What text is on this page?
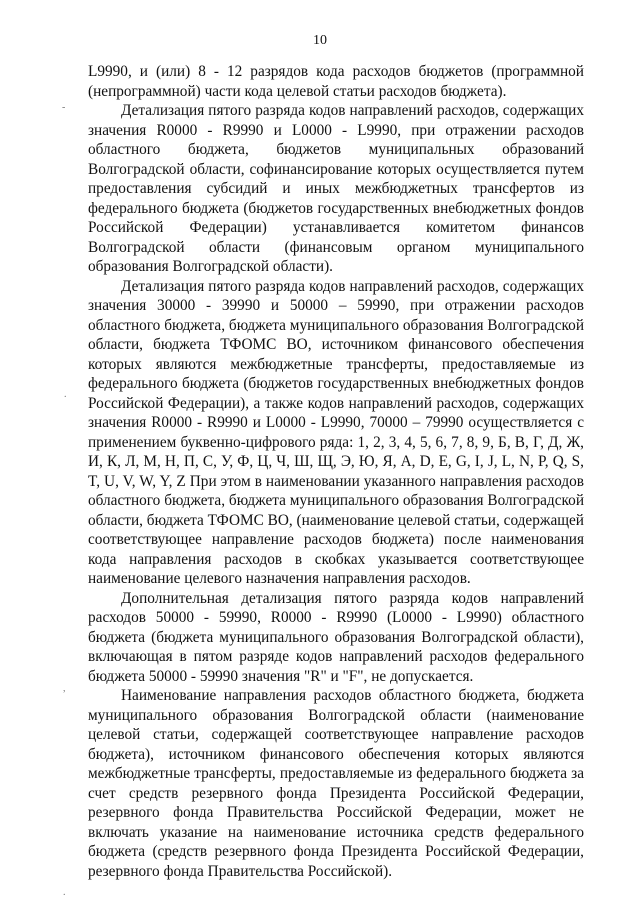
10

L9990, и (или) 8 - 12 разрядов кода расходов бюджетов (программной (непрограммной) части кода целевой статьи расходов бюджета).

Детализация пятого разряда кодов направлений расходов, содержащих значения R0000 - R9990 и L0000 - L9990, при отражении расходов областного бюджета, бюджетов муниципальных образований Волгоградской области, софинансирование которых осуществляется путем предоставления субсидий и иных межбюджетных трансфертов из федерального бюджета (бюджетов государственных внебюджетных фондов Российской Федерации) устанавливается комитетом финансов Волгоградской области (финансовым органом муниципального образования Волгоградской области).

Детализация пятого разряда кодов направлений расходов, содержащих значения 30000 - 39990 и 50000 – 59990, при отражении расходов областного бюджета, бюджета муниципального образования Волгоградской области, бюджета ТФОМС ВО, источником финансового обеспечения которых являются межбюджетные трансферты, предоставляемые из федерального бюджета (бюджетов государственных внебюджетных фондов Российской Федерации), а также кодов направлений расходов, содержащих значения R0000 - R9990 и L0000 - L9990, 70000 – 79990 осуществляется с применением буквенно-цифрового ряда: 1, 2, 3, 4, 5, 6, 7, 8, 9, Б, В, Г, Д, Ж, И, К, Л, М, Н, П, С, У, Ф, Ц, Ч, Ш, Щ, Э, Ю, Я, A, D, E, G, I, J, L, N, P, Q, S, T, U, V, W, Y, Z При этом в наименовании указанного направления расходов областного бюджета, бюджета муниципального образования Волгоградской области, бюджета ТФОМС ВО, (наименование целевой статьи, содержащей соответствующее направление расходов бюджета) после наименования кода направления расходов в скобках указывается соответствующее наименование целевого назначения направления расходов.

Дополнительная детализация пятого разряда кодов направлений расходов 50000 - 59990, R0000 - R9990 (L0000 - L9990) областного бюджета (бюджета муниципального образования Волгоградской области), включающая в пятом разряде кодов направлений расходов федерального бюджета 50000 - 59990 значения "R" и "F", не допускается.

Наименование направления расходов областного бюджета, бюджета муниципального образования Волгоградской области (наименование целевой статьи, содержащей соответствующее направление расходов бюджета), источником финансового обеспечения которых являются межбюджетные трансферты, предоставляемые из федерального бюджета за счет средств резервного фонда Президента Российской Федерации, резервного фонда Правительства Российской Федерации, может не включать указание на наименование источника средств федерального бюджета (средств резервного фонда Президента Российской Федерации, резервного фонда Правительства Российской).

-
.
,
.
